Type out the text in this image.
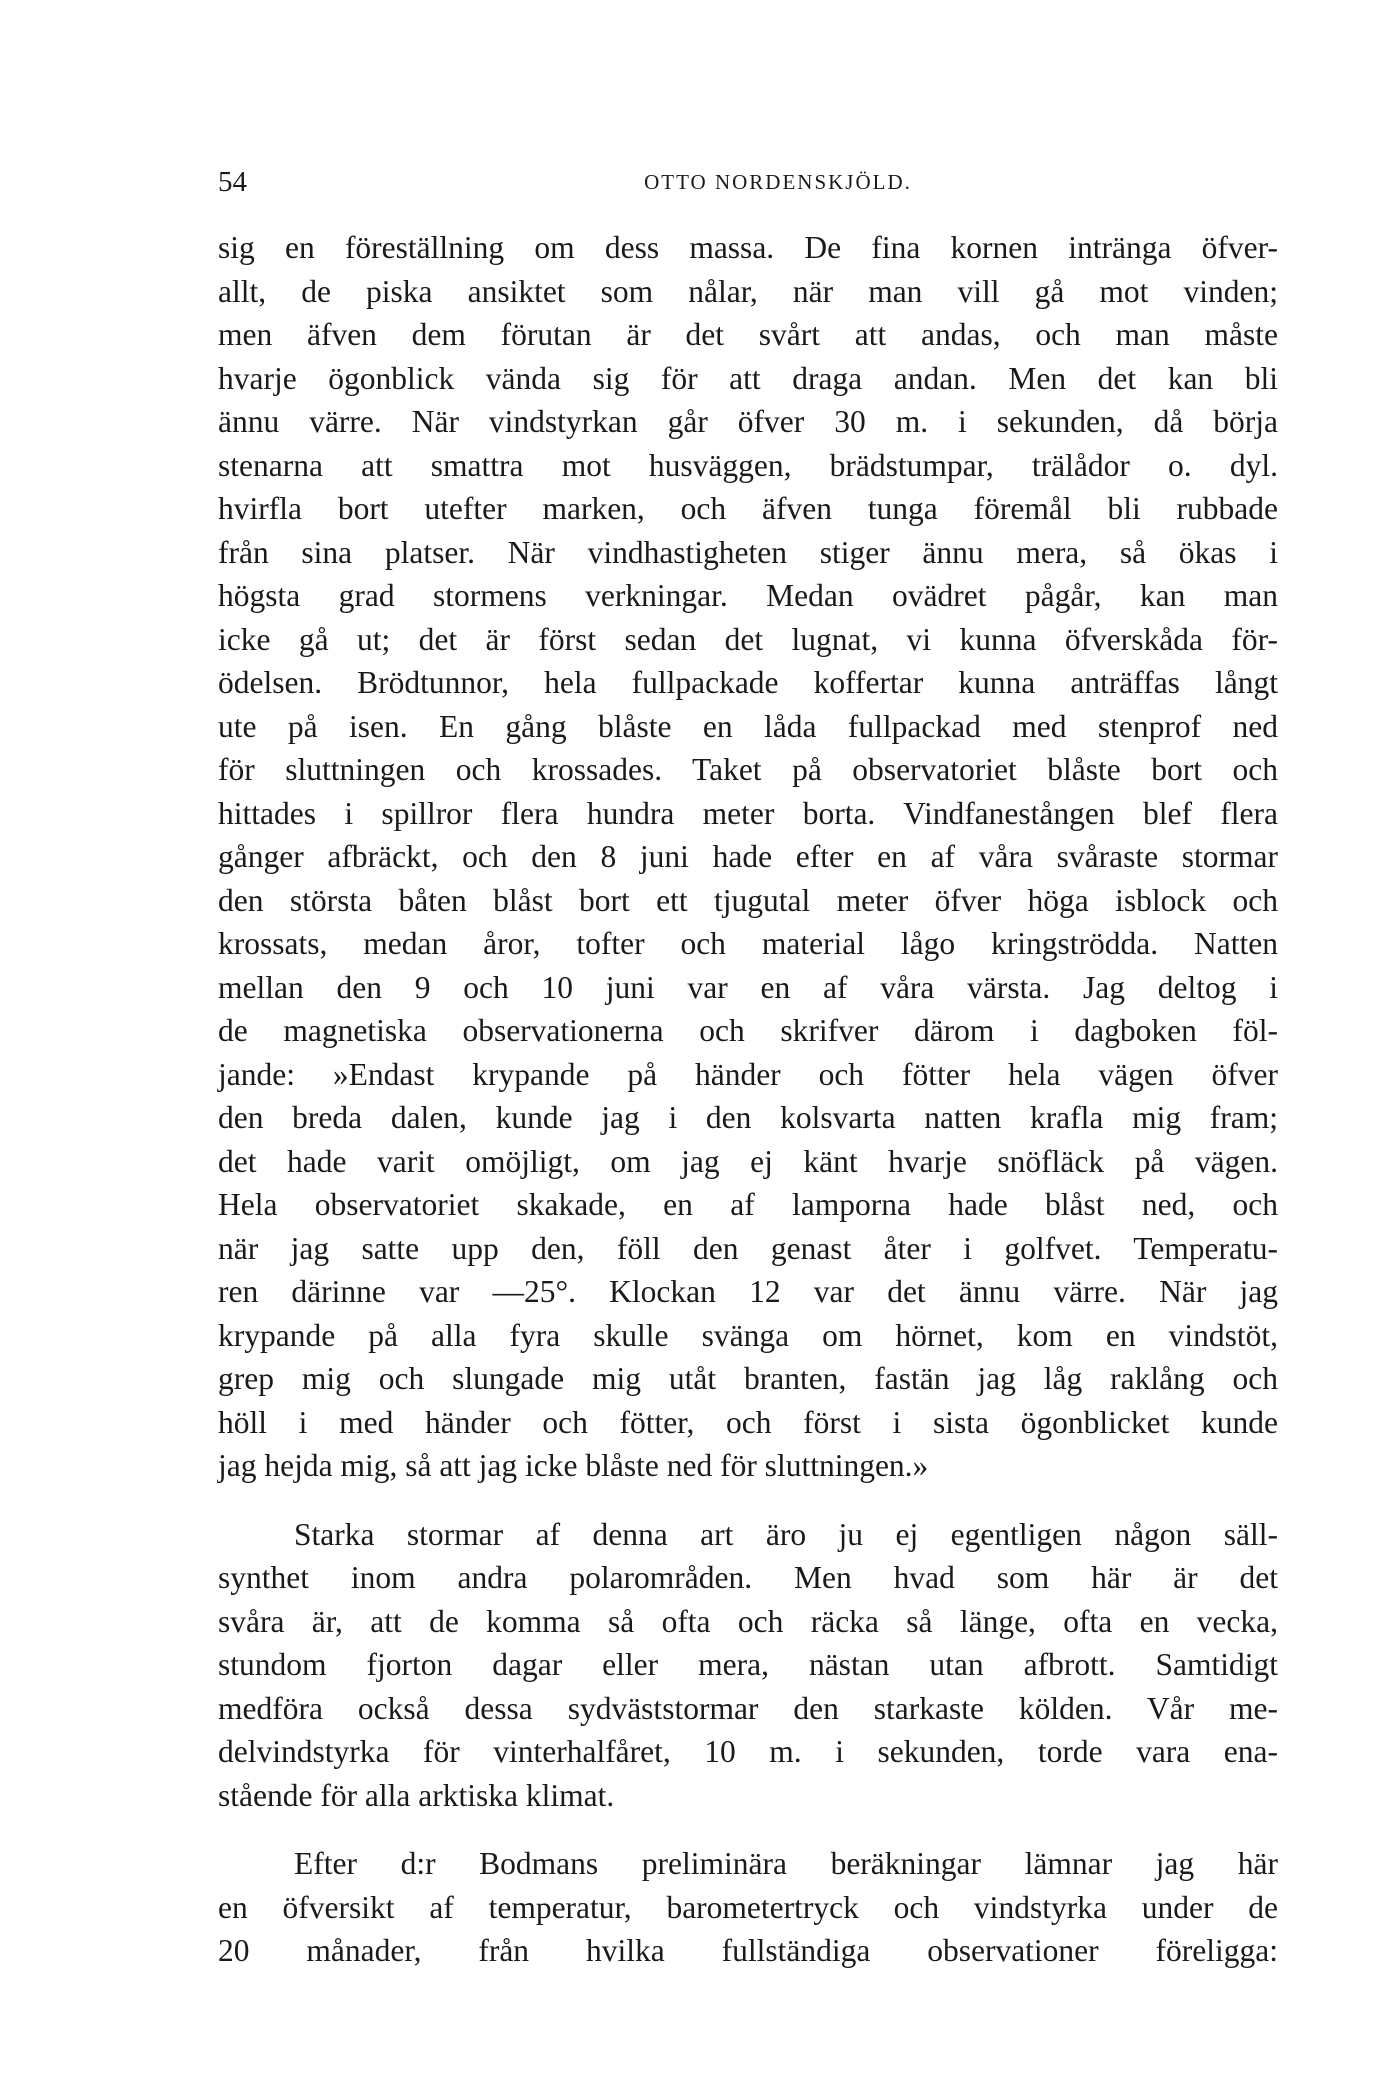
54	OTTO NORDENSKJÖLD.
sig en föreställning om dess massa. De fina kornen intränga öfver-
allt, de piska ansiktet som nålar, när man vill gå mot vinden;
men äfven dem förutan är det svårt att andas, och man måste
hvarje ögonblick vända sig för att draga andan. Men det kan bli
ännu värre. När vindstyrkan går öfver 30 m. i sekunden, då börja
stenarna att smattra mot husväggen, brädstumpar, trälådor o. dyl.
hvirfla bort utefter marken, och äfven tunga föremål bli rubbade
från sina platser. När vindhastigheten stiger ännu mera, så ökas i
högsta grad stormens verkningar. Medan ovädret pågår, kan man
icke gå ut; det är först sedan det lugnat, vi kunna öfverskåda för-
ödelsen. Brödtunnor, hela fullpackade koffertar kunna anträffas långt
ute på isen. En gång blåste en låda fullpackad med stenprof ned
för sluttningen och krossades. Taket på observatoriet blåste bort och
hittades i spillror flera hundra meter borta. Vindfanestången blef flera
gånger afbräckt, och den 8 juni hade efter en af våra svåraste stormar
den största båten blåst bort ett tjugutal meter öfver höga isblock och
krossats, medan åror, tofter och material lågo kringströdda. Natten
mellan den 9 och 10 juni var en af våra värsta. Jag deltog i
de magnetiska observationerna och skrifver därom i dagboken föl-
jande: »Endast krypande på händer och fötter hela vägen öfver
den breda dalen, kunde jag i den kolsvarta natten krafla mig fram;
det hade varit omöjligt, om jag ej känt hvarje snöfläck på vägen.
Hela observatoriet skakade, en af lamporna hade blåst ned, och
när jag satte upp den, föll den genast åter i golfvet. Temperatu-
ren därinne var —25°. Klockan 12 var det ännu värre. När jag
krypande på alla fyra skulle svänga om hörnet, kom en vindstöt,
grep mig och slungade mig utåt branten, fastän jag låg raklång och
höll i med händer och fötter, och först i sista ögonblicket kunde
jag hejda mig, så att jag icke blåste ned för sluttningen.»
Starka stormar af denna art äro ju ej egentligen någon säll-
synthet inom andra polarområden. Men hvad som här är det
svåra är, att de komma så ofta och räcka så länge, ofta en vecka,
stundom fjorton dagar eller mera, nästan utan afbrott. Samtidigt
medföra också dessa sydväststormar den starkaste kölden. Vår me-
delvindstyrka för vinterhalfåret, 10 m. i sekunden, torde vara ena-
stående för alla arktiska klimat.
Efter d:r Bodmans preliminära beräkningar lämnar jag här
en öfversikt af temperatur, barometertryck och vindstyrka under de
20 månader, från hvilka fullständiga observationer föreligga:
